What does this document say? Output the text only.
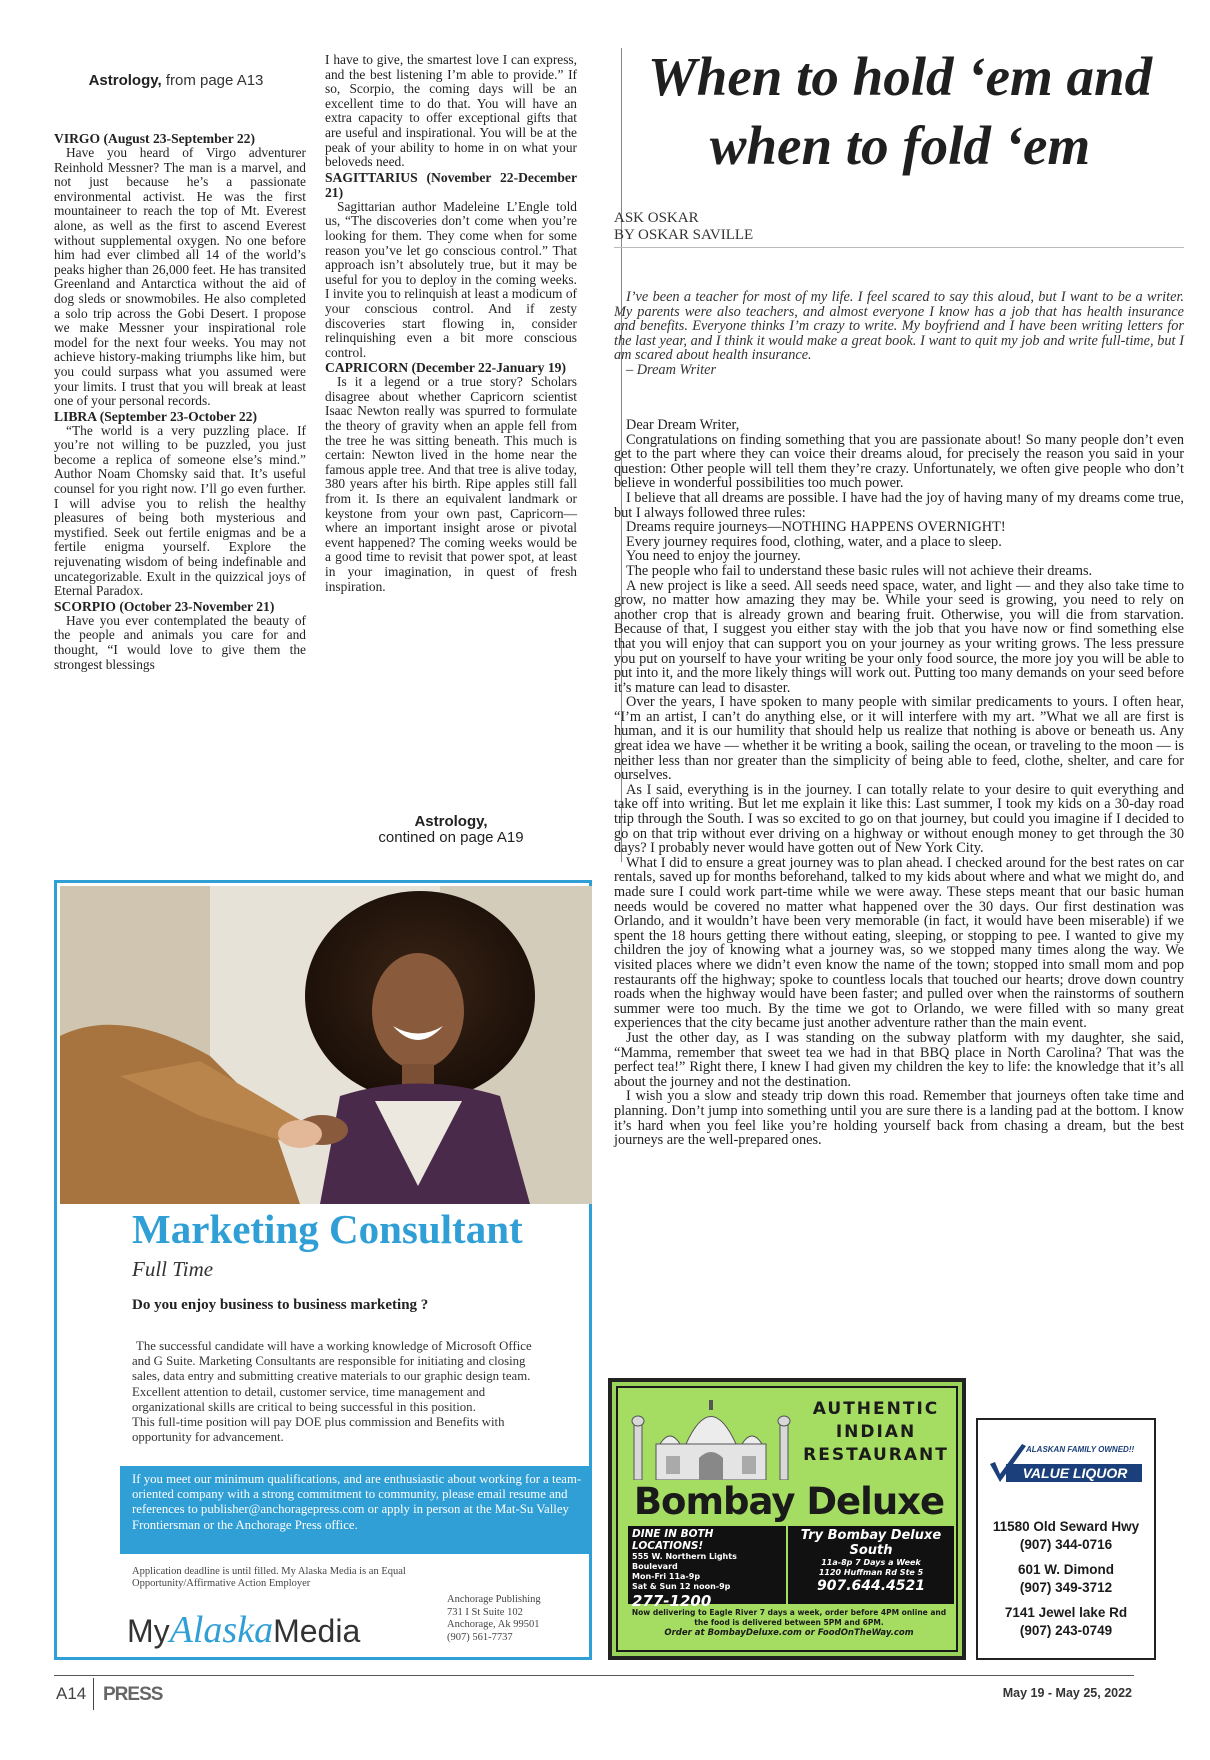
Astrology, from page A13
VIRGO (August 23-September 22)

Have you heard of Virgo adventurer Reinhold Messner? The man is a marvel, and not just because he’s a passionate environmental activist. He was the first mountaineer to reach the top of Mt. Everest alone, as well as the first to ascend Everest without supplemental oxygen. No one before him had ever climbed all 14 of the world’s peaks higher than 26,000 feet. He has transited Greenland and Antarctica without the aid of dog sleds or snowmobiles. He also completed a solo trip across the Gobi Desert. I propose we make Messner your inspirational role model for the next four weeks. You may not achieve history-making triumphs like him, but you could surpass what you assumed were your limits. I trust that you will break at least one of your personal records.

LIBRA (September 23-October 22)

“The world is a very puzzling place. If you’re not willing to be puzzled, you just become a replica of someone else’s mind.” Author Noam Chomsky said that. It’s useful counsel for you right now. I’ll go even further. I will advise you to relish the healthy pleasures of being both mysterious and mystified. Seek out fertile enigmas and be a fertile enigma yourself. Explore the rejuvenating wisdom of being indefinable and uncategorizable. Exult in the quizzical joys of Eternal Paradox.

SCORPIO (October 23-November 21)

Have you ever contemplated the beauty of the people and animals you care for and thought, “I would love to give them the strongest blessings

I have to give, the smartest love I can express, and the best listening I’m able to provide.” If so, Scorpio, the coming days will be an excellent time to do that. You will have an extra capacity to offer exceptional gifts that are useful and inspirational. You will be at the peak of your ability to home in on what your beloveds need.

SAGITTARIUS (November 22-December 21)

Sagittarian author Madeleine L’Engle told us, “The discoveries don’t come when you’re looking for them. They come when for some reason you’ve let go conscious control.” That approach isn’t absolutely true, but it may be useful for you to deploy in the coming weeks. I invite you to relinquish at least a modicum of your conscious control. And if zesty discoveries start flowing in, consider relinquishing even a bit more conscious control.

CAPRICORN (December 22-January 19)

Is it a legend or a true story? Scholars disagree about whether Capricorn scientist Isaac Newton really was spurred to formulate the theory of gravity when an apple fell from the tree he was sitting beneath. This much is certain: Newton lived in the home near the famous apple tree. And that tree is alive today, 380 years after his birth. Ripe apples still fall from it. Is there an equivalent landmark or keystone from your own past, Capricorn—where an important insight arose or pivotal event happened? The coming weeks would be a good time to revisit that power spot, at least in your imagination, in quest of fresh inspiration.

Astrology,
contined on page A19
When to hold ‘em and
when to fold ‘em
ASK OSKAR
BY OSKAR SAVILLE

I’ve been a teacher for most of my life. I feel scared to say this aloud, but I want to be a writer. My parents were also teachers, and almost everyone I know has a job that has health insurance and benefits. Everyone thinks I’m crazy to write. My boyfriend and I have been writing letters for the last year, and I think it would make a great book. I want to quit my job and write full-time, but I am scared about health insurance.

– Dream Writer

Dear Dream Writer,

Congratulations on finding something that you are passionate about! So many people don’t even get to the part where they can voice their dreams aloud, for precisely the reason you said in your question: Other people will tell them they’re crazy. Unfortunately, we often give people who don’t believe in wonderful possibilities too much power.

I believe that all dreams are possible. I have had the joy of having many of my dreams come true, but I always followed three rules:

Dreams require journeys—NOTHING HAPPENS OVERNIGHT!

Every journey requires food, clothing, water, and a place to sleep.

You need to enjoy the journey.

The people who fail to understand these basic rules will not achieve their dreams.

A new project is like a seed. All seeds need space, water, and light — and they also take time to grow, no matter how amazing they may be. While your seed is growing, you need to rely on another crop that is already grown and bearing fruit. Otherwise, you will die from starvation. Because of that, I suggest you either stay with the job that you have now or find something else that you will enjoy that can support you on your journey as your writing grows. The less pressure you put on yourself to have your writing be your only food source, the more joy you will be able to put into it, and the more likely things will work out. Putting too many demands on your seed before it’s mature can lead to disaster.

Over the years, I have spoken to many people with similar predicaments to yours. I often hear, “I’m an artist, I can’t do anything else, or it will interfere with my art. ”What we all are first is human, and it is our humility that should help us realize that nothing is above or beneath us. Any great idea we have — whether it be writing a book, sailing the ocean, or traveling to the moon — is neither less than nor greater than the simplicity of being able to feed, clothe, shelter, and care for ourselves.

As I said, everything is in the journey. I can totally relate to your desire to quit everything and take off into writing. But let me explain it like this: Last summer, I took my kids on a 30-day road trip through the South. I was so excited to go on that journey, but could you imagine if I decided to go on that trip without ever driving on a highway or without enough money to get through the 30 days? I probably never would have gotten out of New York City.

What I did to ensure a great journey was to plan ahead. I checked around for the best rates on car rentals, saved up for months beforehand, talked to my kids about where and what we might do, and made sure I could work part-time while we were away. These steps meant that our basic human needs would be covered no matter what happened over the 30 days. Our first destination was Orlando, and it wouldn’t have been very memorable (in fact, it would have been miserable) if we spent the 18 hours getting there without eating, sleeping, or stopping to pee. I wanted to give my children the joy of knowing what a journey was, so we stopped many times along the way. We visited places where we didn’t even know the name of the town; stopped into small mom and pop restaurants off the highway; spoke to countless locals that touched our hearts; drove down country roads when the highway would have been faster; and pulled over when the rainstorms of southern summer were too much. By the time we got to Orlando, we were filled with so many great experiences that the city became just another adventure rather than the main event.

Just the other day, as I was standing on the subway platform with my daughter, she said, “Mamma, remember that sweet tea we had in that BBQ place in North Carolina? That was the perfect tea!” Right there, I knew I had given my children the key to life: the knowledge that it’s all about the journey and not the destination.

I wish you a slow and steady trip down this road. Remember that journeys often take time and planning. Don’t jump into something until you are sure there is a landing pad at the bottom. I know it’s hard when you feel like you’re holding yourself back from chasing a dream, but the best journeys are the well-prepared ones.

Marketing Consultant
Full Time
Do you enjoy business to business marketing ?
The successful candidate will have a working knowledge of Microsoft Office and G Suite. Marketing Consultants are responsible for initiating and closing sales, data entry and submitting creative materials to our graphic design team. Excellent attention to detail, customer service, time management and organizational skills are critical to being successful in this position.
This full-time position will pay DOE plus commission and Benefits with opportunity for advancement.
If you meet our minimum qualifications, and are enthusiastic about working for a team-oriented company with a strong commitment to community, please email resume and references to publisher@anchoragepress.com or apply in person at the Mat-Su Valley Frontiersman or the Anchorage Press office.
Application deadline is until filled. My Alaska Media is an Equal Opportunity/Affirmative Action Employer
MyAlaskaMedia
Anchorage Publishing
731 I St Suite 102
Anchorage, Ak 99501
(907) 561-7737
AUTHENTIC
INDIAN
RESTAURANT
Bombay Deluxe
DINE IN BOTH LOCATIONS!
555 W. Northern Lights Boulevard
Mon-Fri 11a-9p
Sat & Sun 12 noon-9p
277-1200
Try Bombay Deluxe South
11a-8p 7 Days a Week
1120 Huffman Rd Ste 5
907.644.4521
Now delivering to Eagle River 7 days a week, order before 4PM online and the food is delivered between 5PM and 6PM.
Order at BombayDeluxe.com or FoodOnTheWay.com
ALASKAN FAMILY OWNED!!
VALUE LIQUOR
11580 Old Seward Hwy
(907) 344-0716
601 W. Dimond
(907) 349-3712
7141 Jewel lake Rd
(907) 243-0749
A14 PRESS	May 19 - May 25, 2022
